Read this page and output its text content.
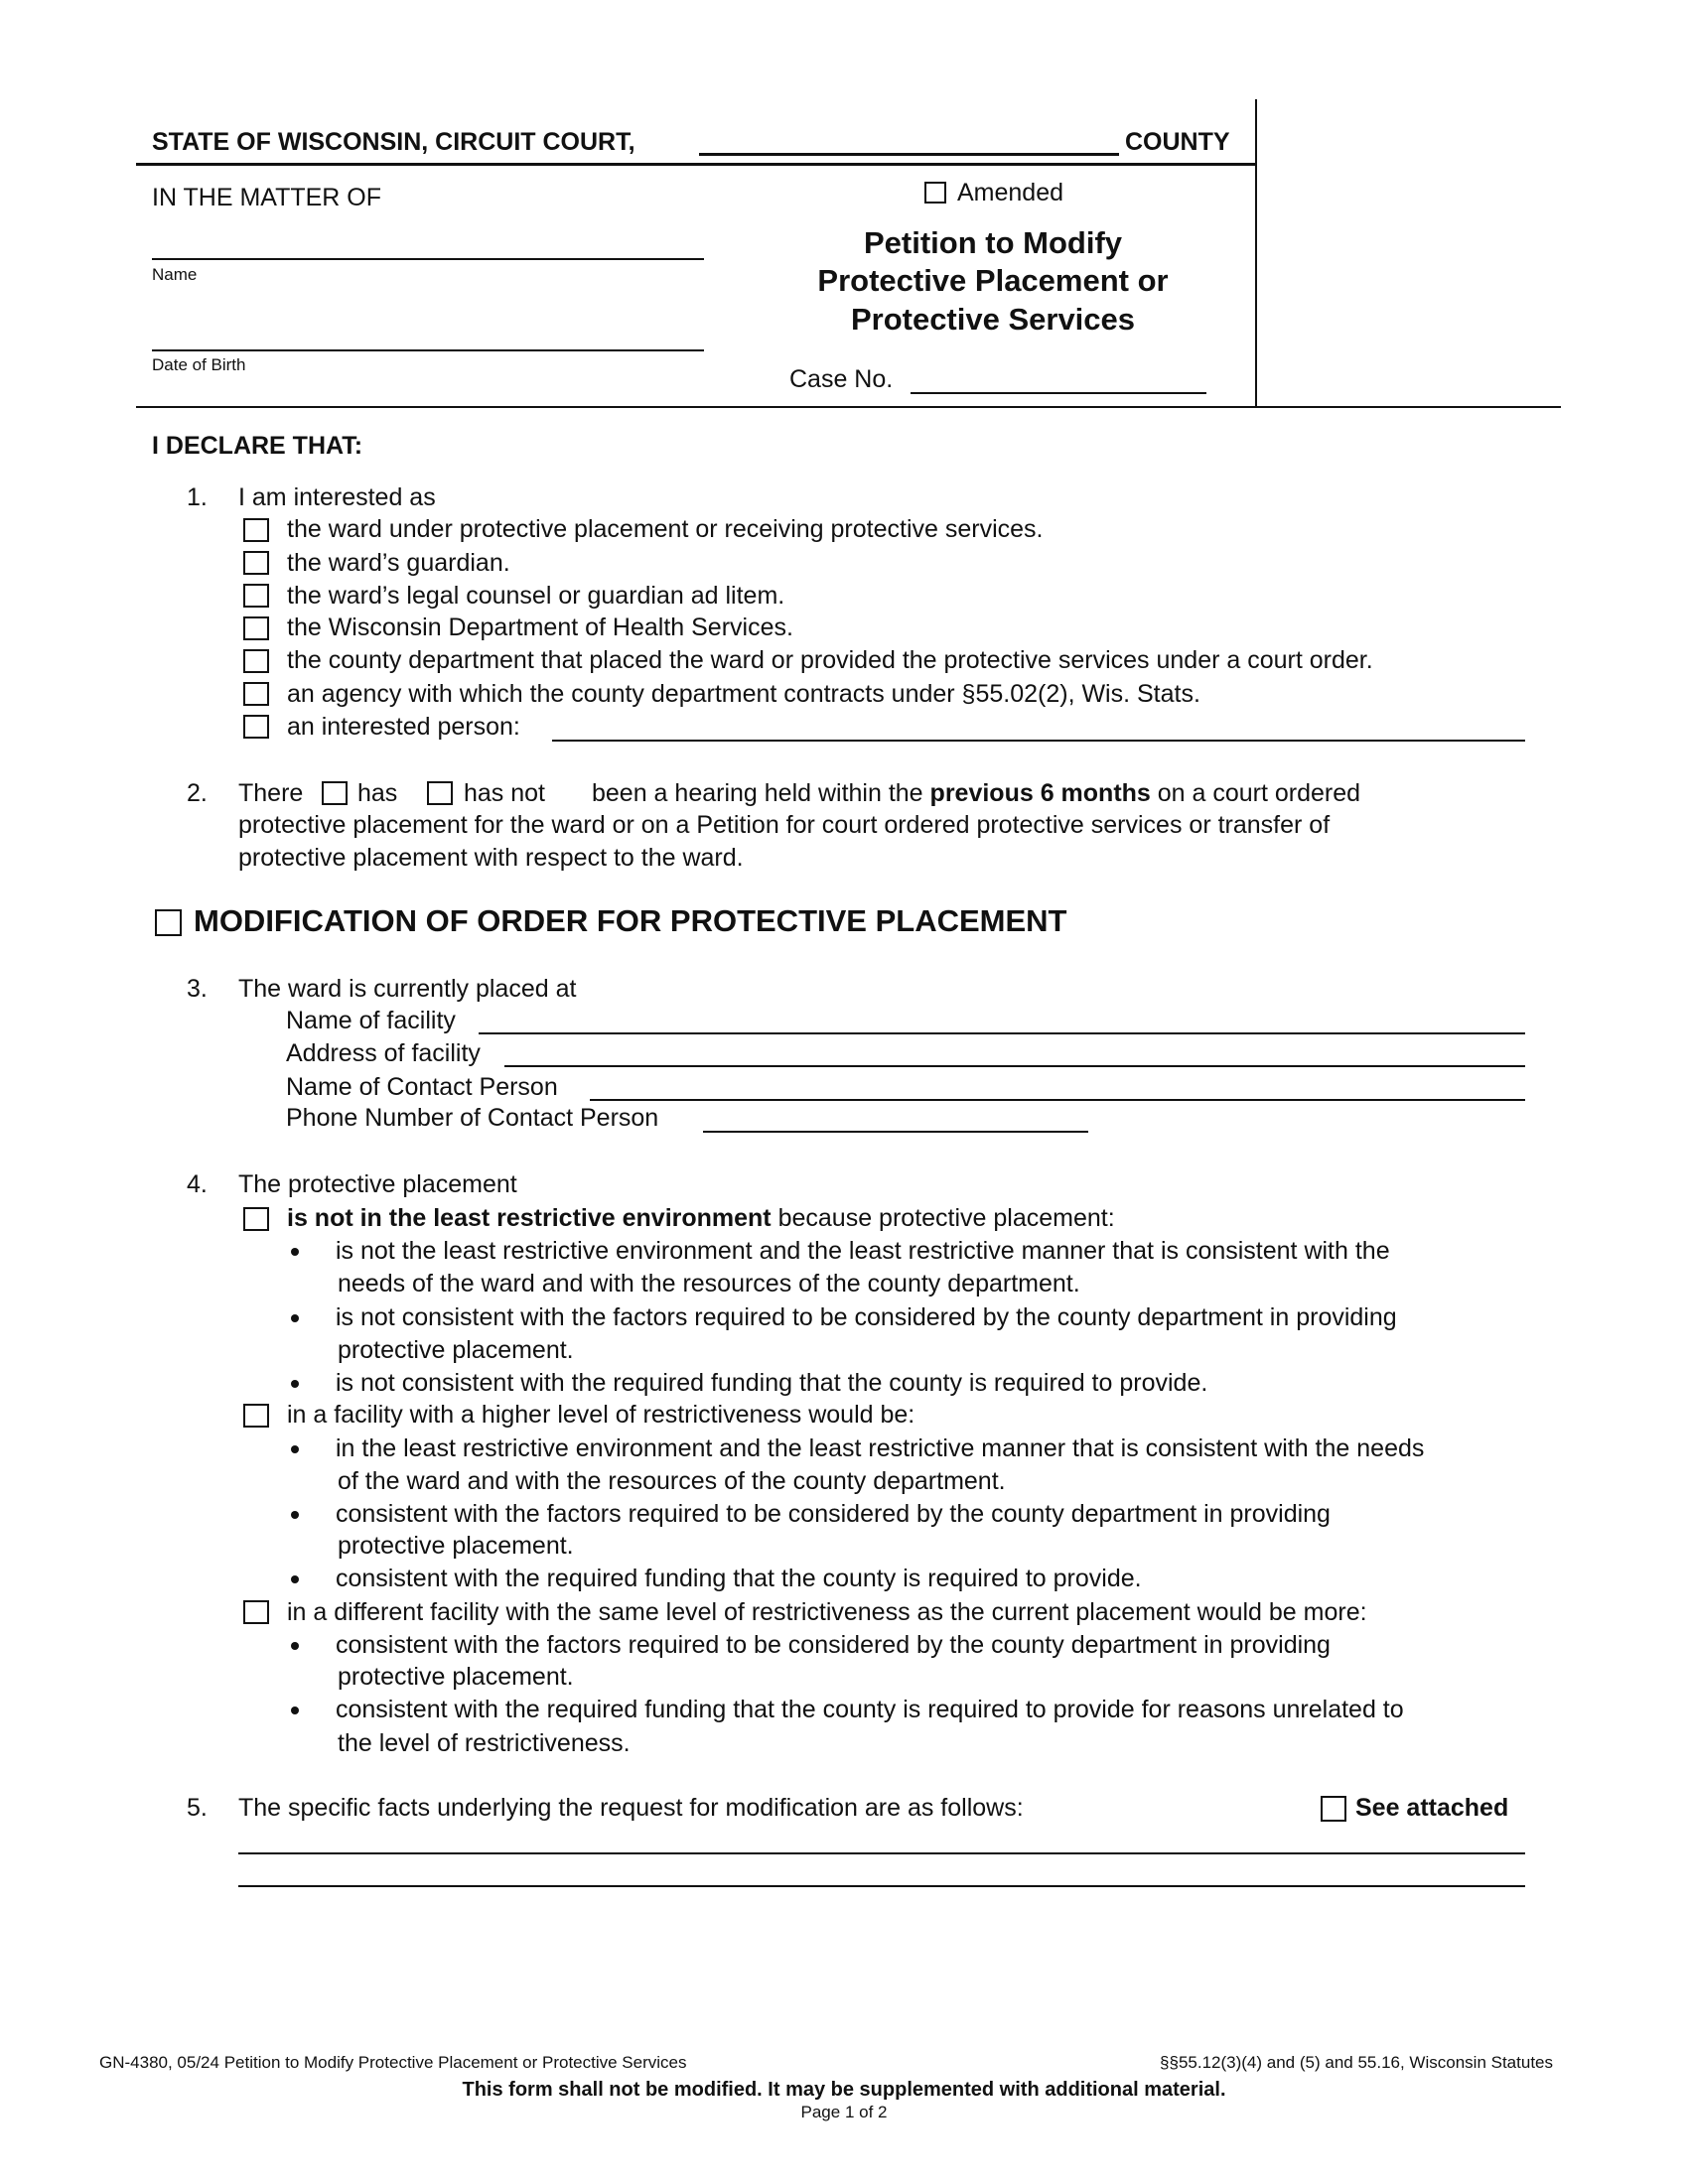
STATE OF WISCONSIN, CIRCUIT COURT,	COUNTY
IN THE MATTER OF
Name
Date of Birth
Amended
Petition to Modify
Protective Placement or
Protective Services
Case No.
I DECLARE THAT:
1. I am interested as
the ward under protective placement or receiving protective services.
the ward’s guardian.
the ward’s legal counsel or guardian ad litem.
the Wisconsin Department of Health Services.
the county department that placed the ward or provided the protective services under a court order.
an agency with which the county department contracts under §55.02(2), Wis. Stats.
an interested person:
2. There has	has not been a hearing held within the previous 6 months on a court ordered
protective placement for the ward or on a Petition for court ordered protective services or transfer of
protective placement with respect to the ward.
MODIFICATION OF ORDER FOR PROTECTIVE PLACEMENT
3. The ward is currently placed at
Name of facility
Address of facility
Name of Contact Person
Phone Number of Contact Person
4. The protective placement
is not in the least restrictive environment because protective placement:
is not the least restrictive environment and the least restrictive manner that is consistent with the
needs of the ward and with the resources of the county department.
is not consistent with the factors required to be considered by the county department in providing
protective placement.
is not consistent with the required funding that the county is required to provide.
in a facility with a higher level of restrictiveness would be:
in the least restrictive environment and the least restrictive manner that is consistent with the needs
of the ward and with the resources of the county department.
consistent with the factors required to be considered by the county department in providing
protective placement.
consistent with the required funding that the county is required to provide.
in a different facility with the same level of restrictiveness as the current placement would be more:
consistent with the factors required to be considered by the county department in providing
protective placement.
consistent with the required funding that the county is required to provide for reasons unrelated to
the level of restrictiveness.
5. The specific facts underlying the request for modification are as follows:	See attached
GN-4380, 05/24 Petition to Modify Protective Placement or Protective Services	§§55.12(3)(4) and (5) and 55.16, Wisconsin Statutes
This form shall not be modified. It may be supplemented with additional material.
Page 1 of 2
